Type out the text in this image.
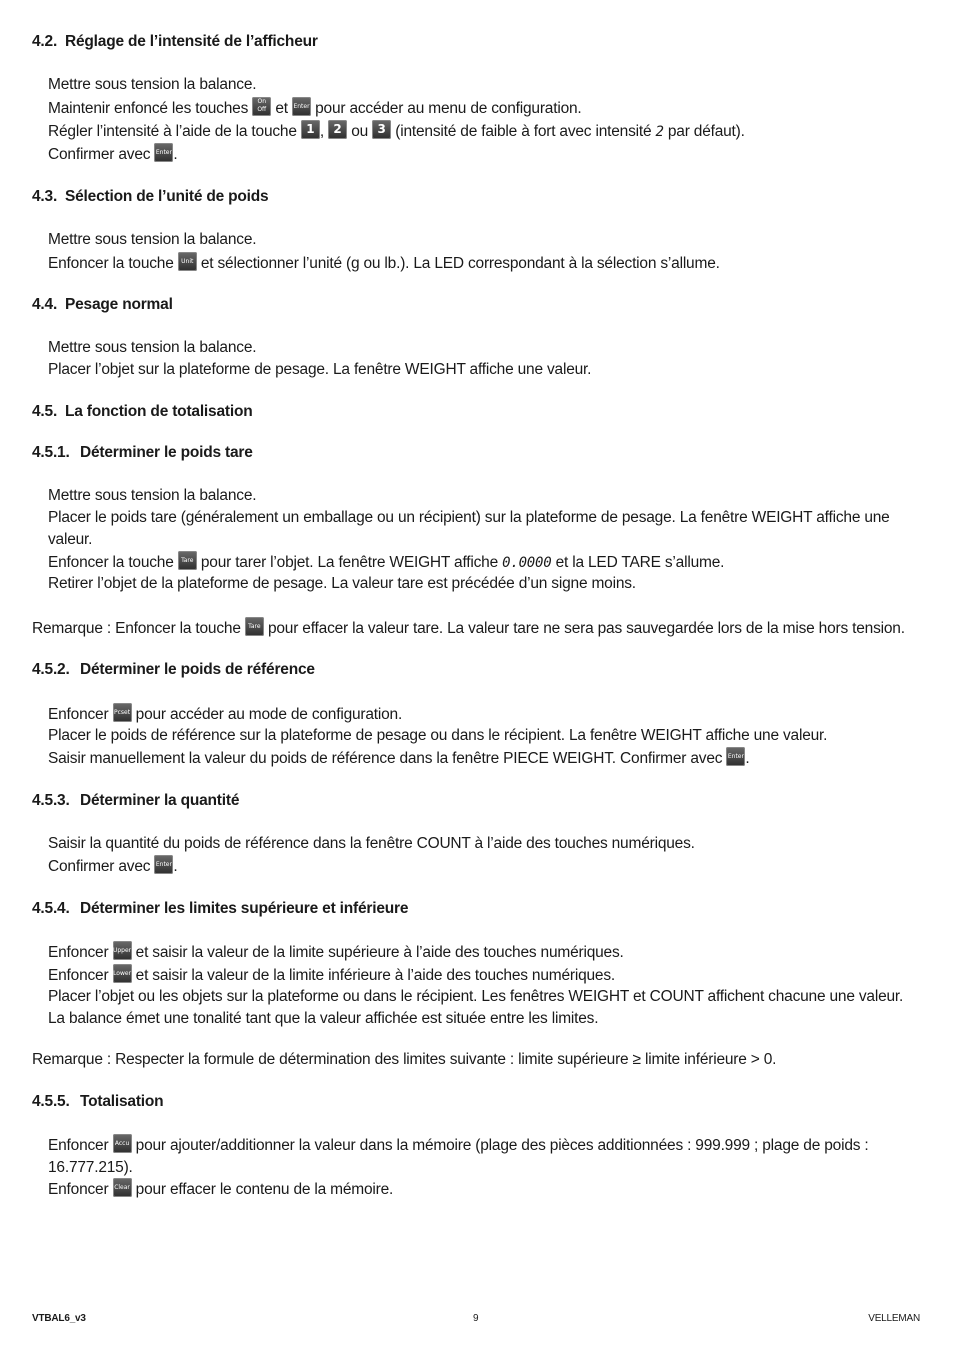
4.2. Réglage de l’intensité de l’afficheur
Mettre sous tension la balance.
Maintenir enfoncé les touches On
Off et Enter pour accéder au menu de configuration.
Régler l’intensité à l’aide de la touche 1 , 2 ou 3 (intensité de faible à fort avec intensité 2 par défaut).
Confirmer avec Enter.
4.3. Sélection de l’unité de poids
Mettre sous tension la balance.
Enfoncer la touche Unit et sélectionner l’unité (g ou lb.). La LED correspondant à la sélection s’allume.
4.4. Pesage normal
Mettre sous tension la balance.
Placer l’objet sur la plateforme de pesage. La fenêtre WEIGHT affiche une valeur.
4.5. La fonction de totalisation
4.5.1. Déterminer le poids tare
Mettre sous tension la balance.
Placer le poids tare (généralement un emballage ou un récipient) sur la plateforme de pesage. La fenêtre WEIGHT affiche une valeur.
Enfoncer la touche Tare pour tarer l’objet. La fenêtre WEIGHT affiche 0.0000 et la LED TARE s’allume.
Retirer l’objet de la plateforme de pesage. La valeur tare est précédée d’un signe moins.
Remarque : Enfoncer la touche Tare pour effacer la valeur tare. La valeur tare ne sera pas sauvegardée lors de la mise hors tension.
4.5.2. Déterminer le poids de référence
Enfoncer Pcset pour accéder au mode de configuration.
Placer le poids de référence sur la plateforme de pesage ou dans le récipient. La fenêtre WEIGHT affiche une valeur.
Saisir manuellement la valeur du poids de référence dans la fenêtre PIECE WEIGHT. Confirmer avec Enter.
4.5.3. Déterminer la quantité
Saisir la quantité du poids de référence dans la fenêtre COUNT à l’aide des touches numériques.
Confirmer avec Enter.
4.5.4. Déterminer les limites supérieure et inférieure
Enfoncer Upper et saisir la valeur de la limite supérieure à l’aide des touches numériques.
Enfoncer Lower et saisir la valeur de la limite inférieure à l’aide des touches numériques.
Placer l’objet ou les objets sur la plateforme ou dans le récipient. Les fenêtres WEIGHT et COUNT affichent chacune une valeur. La balance émet une tonalité tant que la valeur affichée est située entre les limites.
Remarque : Respecter la formule de détermination des limites suivante : limite supérieure ≥ limite inférieure > 0.
4.5.5. Totalisation
Enfoncer Accu pour ajouter/additionner la valeur dans la mémoire (plage des pièces additionnées : 999.999 ; plage de poids : 16.777.215).
Enfoncer Clear pour effacer le contenu de la mémoire.
VTBAL6_v3	9	VELLEMAN
